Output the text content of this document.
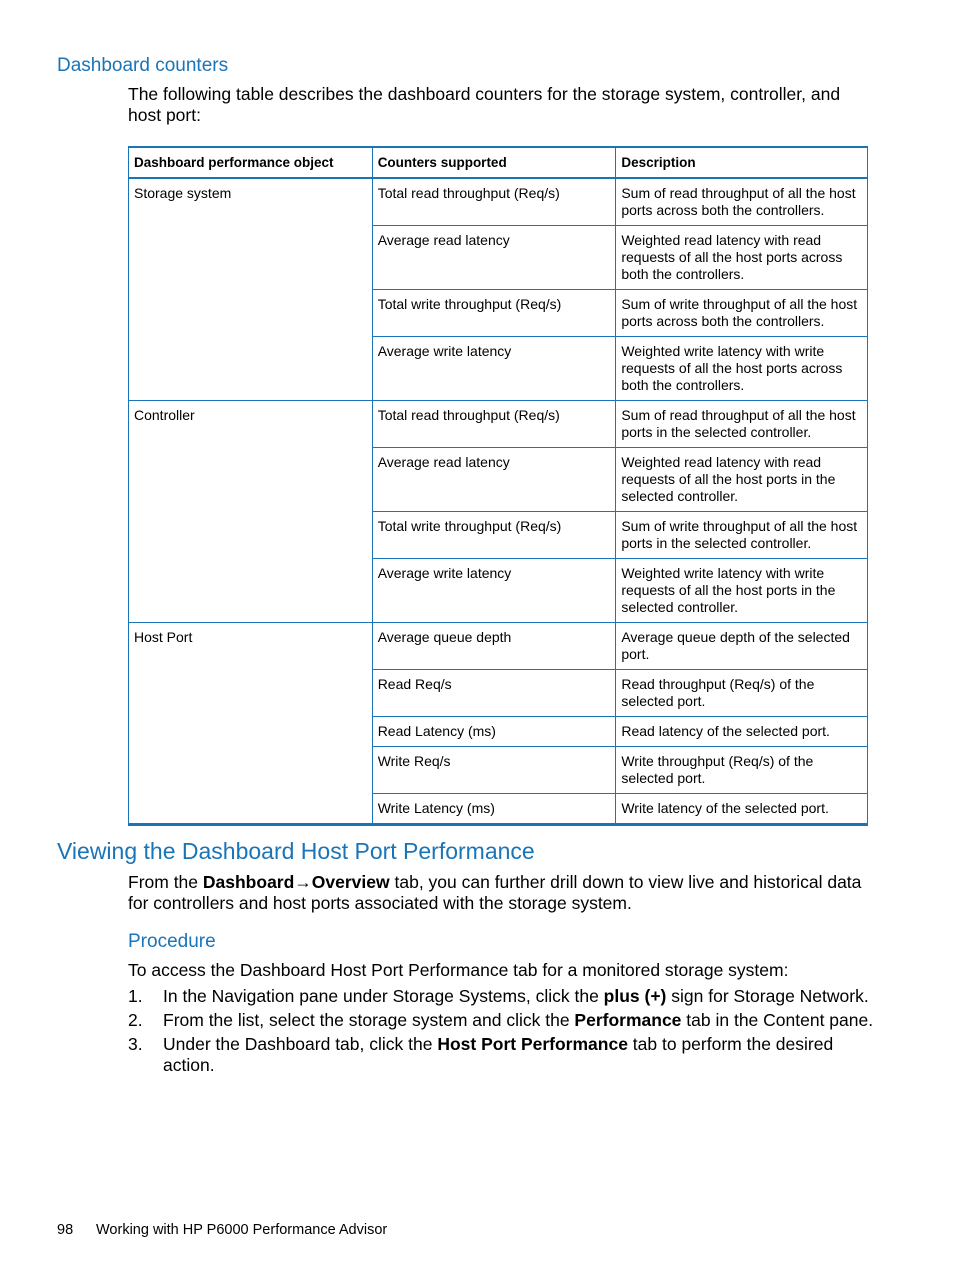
Dashboard counters

The following table describes the dashboard counters for the storage system, controller, and host port:

Dashboard performance object	Counters supported	Description
Storage system	Total read throughput (Req/s)	Sum of read throughput of all the host ports across both the controllers.
	Average read latency	Weighted read latency with read requests of all the host ports across both the controllers.
	Total write throughput (Req/s)	Sum of write throughput of all the host ports across both the controllers.
	Average write latency	Weighted write latency with write requests of all the host ports across both the controllers.
Controller	Total read throughput (Req/s)	Sum of read throughput of all the host ports in the selected controller.
	Average read latency	Weighted read latency with read requests of all the host ports in the selected controller.
	Total write throughput (Req/s)	Sum of write throughput of all the host ports in the selected controller.
	Average write latency	Weighted write latency with write requests of all the host ports in the selected controller.
Host Port	Average queue depth	Average queue depth of the selected port.
	Read Req/s	Read throughput (Req/s) of the selected port.
	Read Latency (ms)	Read latency of the selected port.
	Write Req/s	Write throughput (Req/s) of the selected port.
	Write Latency (ms)	Write latency of the selected port.
Viewing the Dashboard Host Port Performance

From the Dashboard→Overview tab, you can further drill down to view live and historical data for controllers and host ports associated with the storage system.

Procedure

To access the Dashboard Host Port Performance tab for a monitored storage system:

1. In the Navigation pane under Storage Systems, click the plus (+) sign for Storage Network.
2. From the list, select the storage system and click the Performance tab in the Content pane.
3. Under the Dashboard tab, click the Host Port Performance tab to perform the desired action.
98 Working with HP P6000 Performance Advisor
